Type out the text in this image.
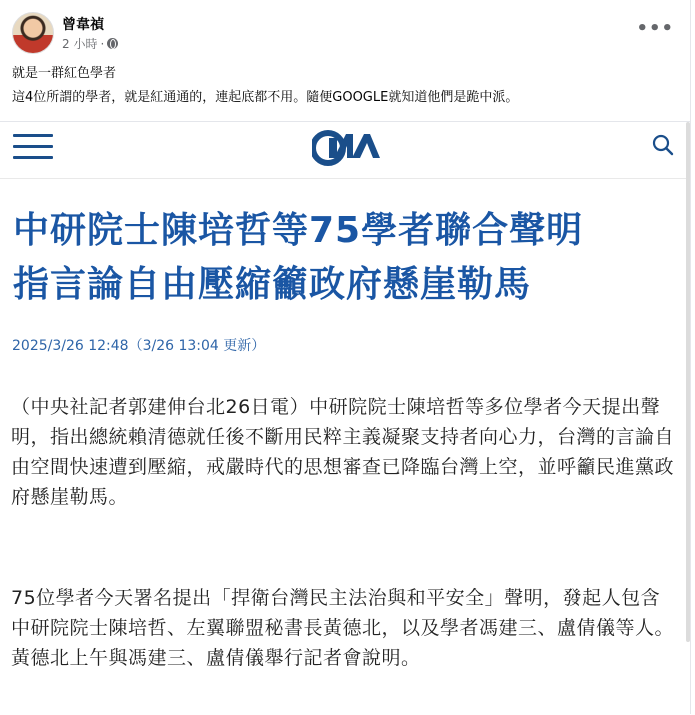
曾韋禎
2 小時 ·
•••
就是一群紅色學者
這4位所謂的學者，就是紅通通的，連起底都不用。隨便GOOGLE就知道他們是跪中派。
中研院士陳培哲等75學者聯合聲明
指言論自由壓縮籲政府懸崖勒馬
2025/3/26 12:48（3/26 13:04 更新）
（中央社記者郭建伸台北26日電）中研院院士陳培哲等多位學者今天提出聲明，指出總統賴清德就任後不斷用民粹主義凝聚支持者向心力，台灣的言論自由空間快速遭到壓縮，戒嚴時代的思想審查已降臨台灣上空，並呼籲民進黨政府懸崖勒馬。
75位學者今天署名提出「捍衛台灣民主法治與和平安全」聲明，發起人包含中研院院士陳培哲、左翼聯盟秘書長黃德北，以及學者馮建三、盧倩儀等人。黃德北上午與馮建三、盧倩儀舉行記者會說明。
